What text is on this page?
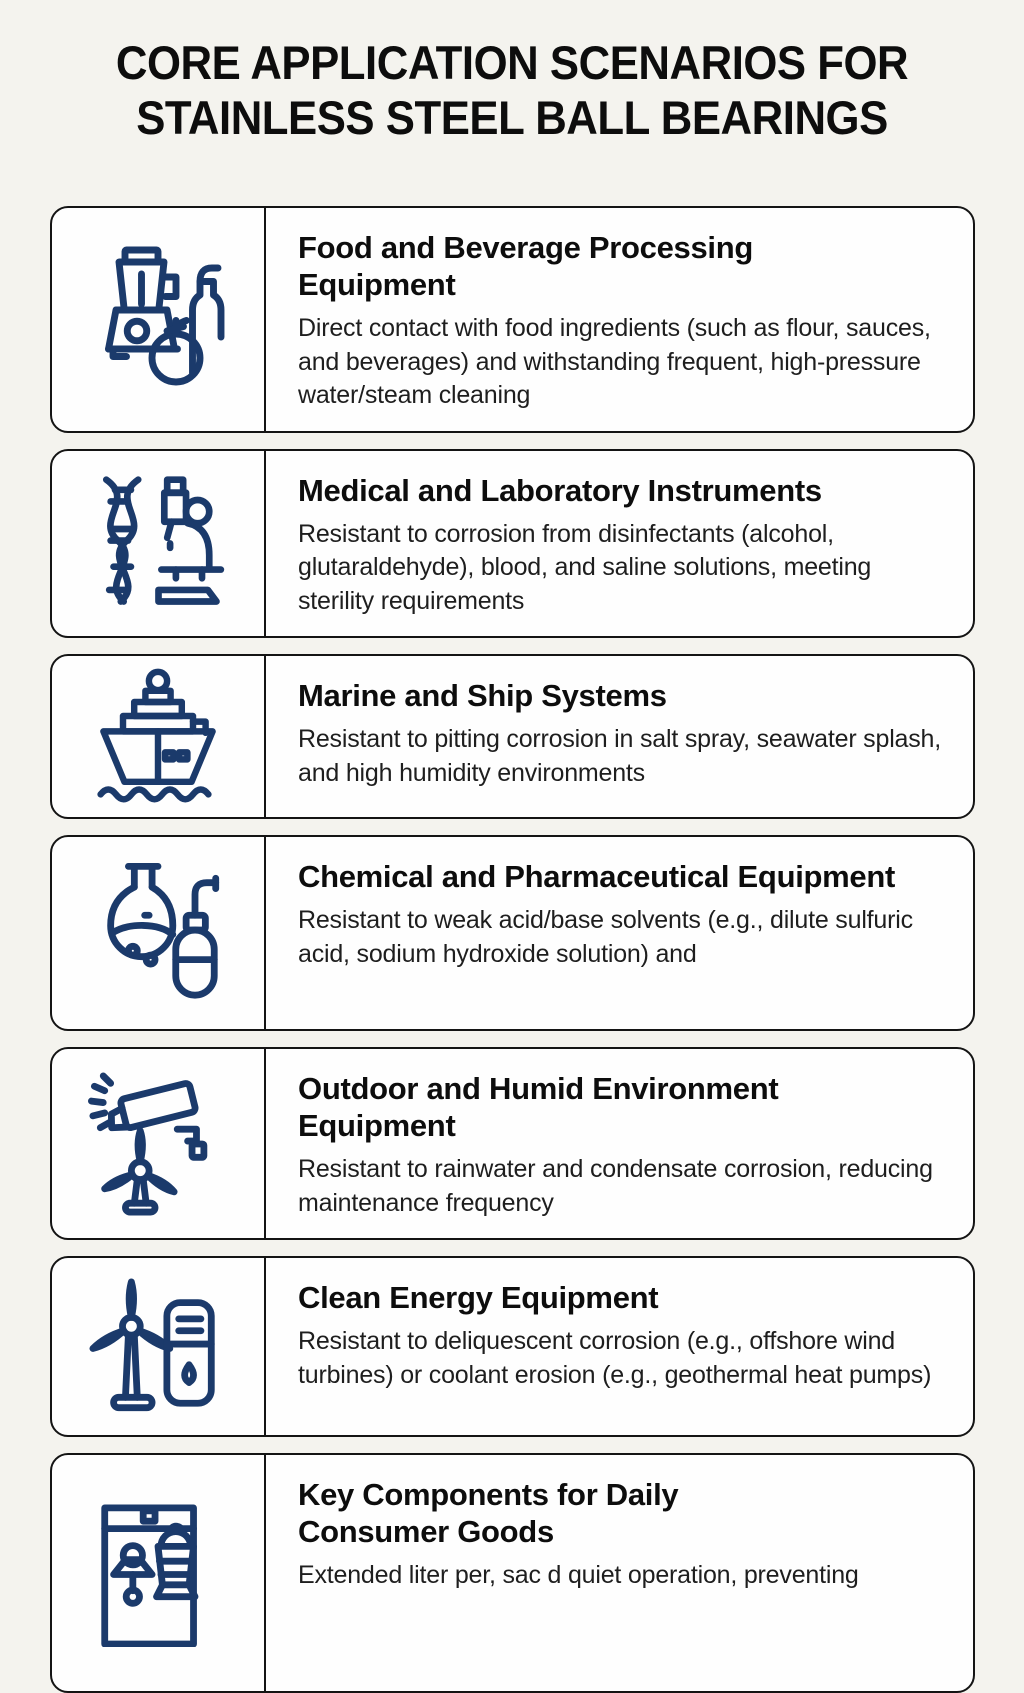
CORE APPLICATION SCENARIOS FOR
STAINLESS STEEL BALL BEARINGS
Food and Beverage Processing Equipment

Direct contact with food ingredients (such as flour, sauces, and beverages) and withstanding frequent, high-pressure water/steam cleaning

Medical and Laboratory Instruments

Resistant to corrosion from disinfectants (alcohol, glutaraldehyde), blood, and saline solutions, meeting sterility requirements

Marine and Ship Systems

Resistant to pitting corrosion in salt spray, seawater splash, and high humidity environments

Chemical and Pharmaceutical Equipment

Resistant to weak acid/base solvents (e.g., dilute sulfuric acid, sodium hydroxide solution) and

Outdoor and Humid Environment Equipment

Resistant to rainwater and condensate corrosion, reducing maintenance frequency

Clean Energy Equipment

Resistant to deliquescent corrosion (e.g., offshore wind turbines) or coolant erosion (e.g., geothermal heat pumps)

Key Components for Daily Consumer Goods

Extended liter per, sac d quiet operation, preventing
